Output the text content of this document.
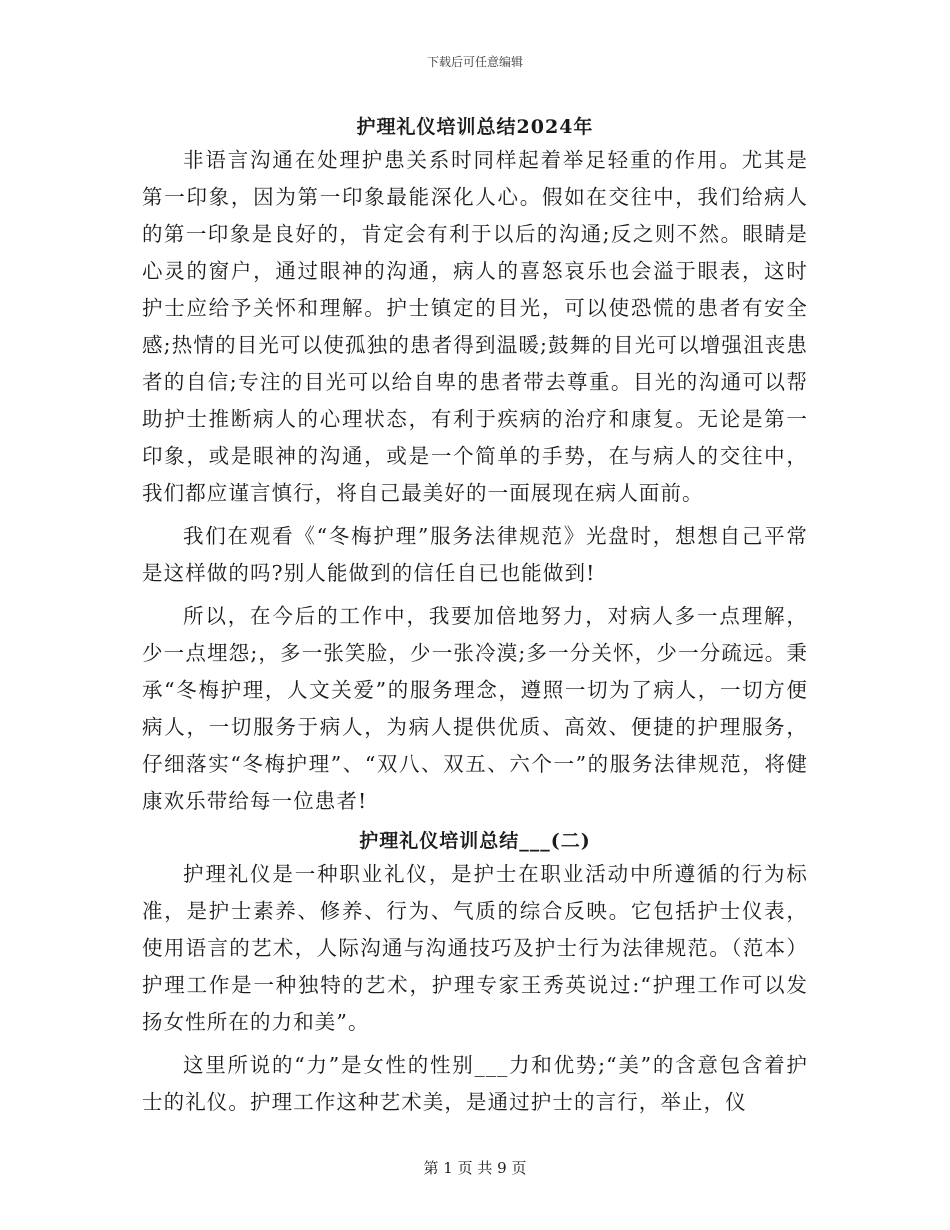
下载后可任意编辑
护理礼仪培训总结2024年

非语言沟通在处理护患关系时同样起着举足轻重的作用。尤其是第一印象，因为第一印象最能深化人心。假如在交往中，我们给病人的第一印象是良好的，肯定会有利于以后的沟通;反之则不然。眼睛是心灵的窗户，通过眼神的沟通，病人的喜怒哀乐也会溢于眼表，这时护士应给予关怀和理解。护士镇定的目光，可以使恐慌的患者有安全感;热情的目光可以使孤独的患者得到温暖;鼓舞的目光可以增强沮丧患者的自信;专注的目光可以给自卑的患者带去尊重。目光的沟通可以帮助护士推断病人的心理状态，有利于疾病的治疗和康复。无论是第一印象，或是眼神的沟通，或是一个简单的手势，在与病人的交往中，我们都应谨言慎行，将自己最美好的一面展现在病人面前。

我们在观看《“冬梅护理”服务法律规范》光盘时，想想自己平常是这样做的吗?别人能做到的信任自已也能做到!

所以，在今后的工作中，我要加倍地努力，对病人多一点理解，少一点埋怨;，多一张笑脸，少一张冷漠;多一分关怀，少一分疏远。秉承“冬梅护理，人文关爱”的服务理念，遵照一切为了病人，一切方便病人，一切服务于病人，为病人提供优质、高效、便捷的护理服务，仔细落实“冬梅护理”、“双八、双五、六个一”的服务法律规范，将健康欢乐带给每一位患者!

护理礼仪培训总结___(二)

护理礼仪是一种职业礼仪，是护士在职业活动中所遵循的行为标准，是护士素养、修养、行为、气质的综合反映。它包括护士仪表，使用语言的艺术，人际沟通与沟通技巧及护士行为法律规范。（范本）护理工作是一种独特的艺术，护理专家王秀英说过:“护理工作可以发扬女性所在的力和美”。

这里所说的“力”是女性的性别___力和优势;“美”的含意包含着护士的礼仪。护理工作这种艺术美，是通过护士的言行，举止，仪

第 1 页 共 9 页
